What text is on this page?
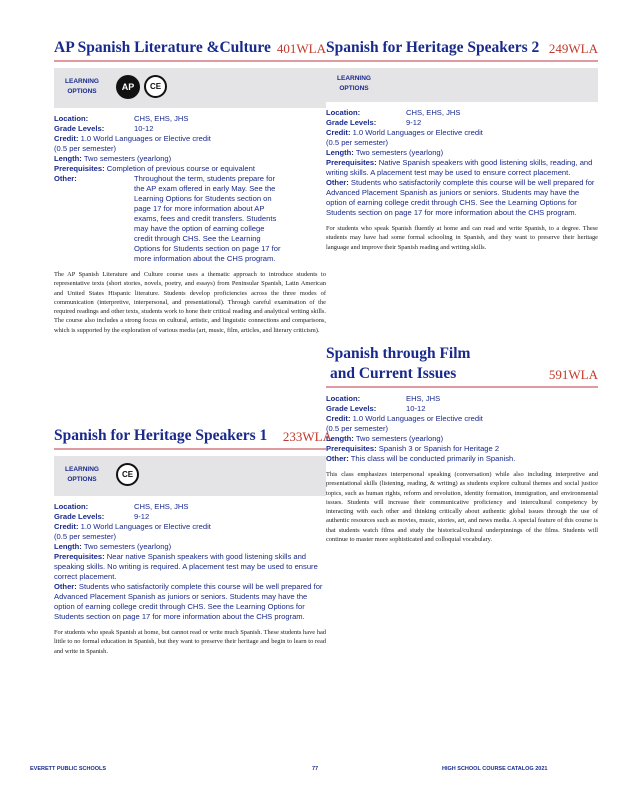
AP Spanish Literature &Culture 401WLA
LEARNING OPTIONS	AP	CE
Location:	CHS, EHS, JHS
Grade Levels:	10-12
Credit: 1.0 World Languages or Elective credit
(0.5 per semester)
Length: Two semesters (yearlong)
Prerequisites: Completion of previous course or equivalent
Other:	Throughout the term, students prepare for the AP exam offered in early May. See the Learning Options for Students section on page 17 for more information about AP exams, fees and credit transfers. Students may have the option of earning college credit through CHS. See the Learning Options for Students section on page 17 for more information about the CHS program.
The AP Spanish Literature and Culture course uses a thematic approach to introduce students to representative texts (short stories, novels, poetry, and essays) from Peninsular Spanish, Latin American and United States Hispanic literature. Students develop proficiencies across the three modes of communication (interpretive, interpersonal, and presentational). Through careful examination of the required readings and other texts, students work to hone their critical reading and analytical writing skills. The course also includes a strong focus on cultural, artistic, and linguistic connections and comparisons, which is supported by the exploration of various media (art, music, film, articles, and literary criticism).
Spanish for Heritage Speakers 1 233WLA
LEARNING OPTIONS
CE
Location:	CHS, EHS, JHS
Grade Levels:	9-12
Credit: 1.0 World Languages or Elective credit
(0.5 per semester)
Length: Two semesters (yearlong)
Prerequisites: Near native Spanish speakers with good listening skills and speaking skills. No writing is required. A placement test may be used to ensure correct placement.
Other: Students who satisfactorily complete this course will be well prepared for Advanced Placement Spanish as juniors or seniors. Students may have the option of earning college credit through CHS. See the Learning Options for Students section on page 17 for more information about the CHS program.
For students who speak Spanish at home, but cannot read or write much Spanish. These students have had little to no formal education in Spanish, but they want to preserve their heritage and begin to learn to read and write in Spanish.
Spanish for Heritage Speakers 2 249WLA
LEARNING OPTIONS
Location:	CHS, EHS, JHS
Grade Levels:	9-12
Credit: 1.0 World Languages or Elective credit
(0.5 per semester)
Length: Two semesters (yearlong)
Prerequisites: Native Spanish speakers with good listening skills, reading, and writing skills. A placement test may be used to ensure correct placement.
Other: Students who satisfactorily complete this course will be well prepared for Advanced Placement Spanish as juniors or seniors. Students may have the option of earning college credit through CHS. See the Learning Options for Students section on page 17 for more information about the CHS program.
For students who speak Spanish fluently at home and can read and write Spanish, to a degree. These students may have had some formal schooling in Spanish, and they want to preserve their heritage language and improve their Spanish reading and writing skills.
Spanish through Film
and Current Issues	591WLA
Location:	EHS, JHS
Grade Levels:	10-12
Credit: 1.0 World Languages or Elective credit
(0.5 per semester)
Length: Two semesters (yearlong)
Prerequisites: Spanish 3 or Spanish for Heritage 2
Other: This class will be conducted primarily in Spanish.
This class emphasizes interpersonal speaking (conversation) while also including interpretive and presentational skills (listening, reading, & writing) as students explore cultural themes and social justice topics, such as human rights, reform and revolution, identity formation, immigration, and environmental issues. Students will increase their communicative proficiency and intercultural competency by interacting with each other and thinking critically about authentic global issues through the use of authentic resources such as movies, music, stories, art, and news media. A special feature of this course is that students watch films and study the historical/cultural underpinnings of the films. Students will continue to master more sophisticated and colloquial vocabulary.
EVERETT PUBLIC SCHOOLS	77	HIGH SCHOOL COURSE CATALOG 2021
